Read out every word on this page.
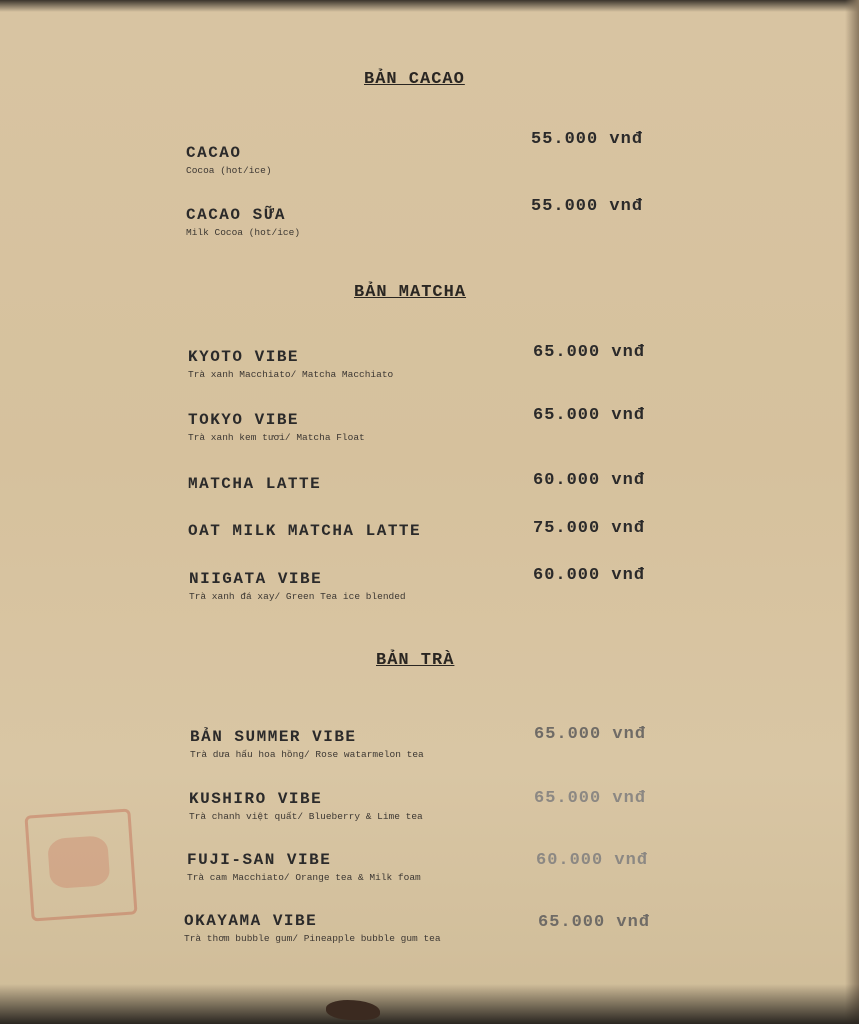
BẢN CACAO
CACAO
Cocoa (hot/ice)
55.000 vnđ
CACAO SỮA
Milk Cocoa (hot/ice)
55.000 vnđ
BẢN MATCHA
KYOTO VIBE
Trà xanh Macchiato/ Matcha Macchiato
65.000 vnđ
TOKYO VIBE
Trà xanh kem tươi/ Matcha Float
65.000 vnđ
MATCHA LATTE	60.000 vnđ
OAT MILK MATCHA LATTE	75.000 vnđ
NIIGATA VIBE
Trà xanh đá xay/ Green Tea ice blended
60.000 vnđ
BẢN TRÀ
BẢN SUMMER VIBE
Trà dưa hấu hoa hồng/ Rose watarmelon tea
65.000 vnđ
KUSHIRO VIBE
Trà chanh việt quất/ Blueberry & Lime tea
65.000 vnđ
FUJI-SAN VIBE
Trà cam Macchiato/ Orange tea & Milk foam
60.000 vnđ
OKAYAMA VIBE
Trà thơm bubble gum/ Pineapple bubble gum tea
65.000 vnđ
